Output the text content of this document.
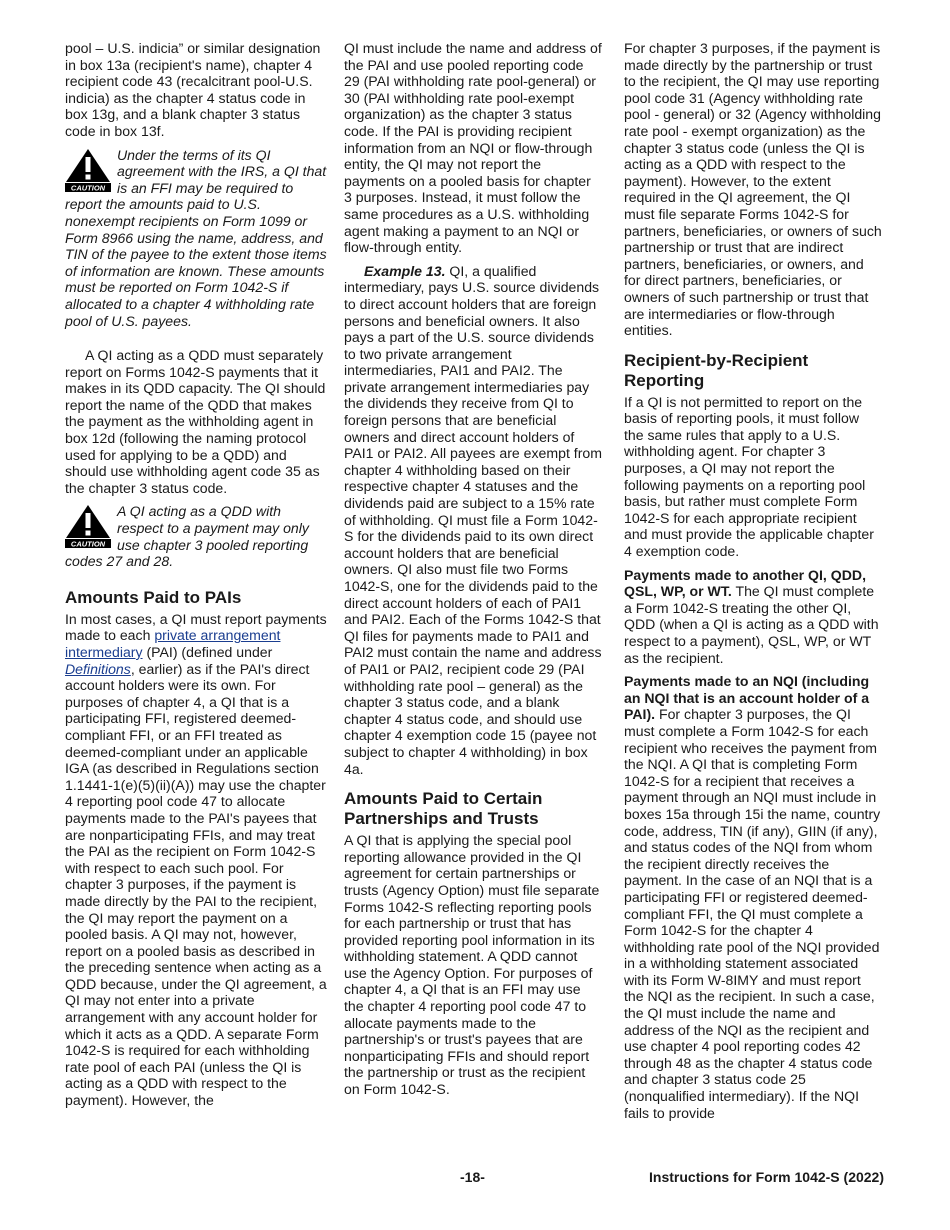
pool – U.S. indicia” or similar designation in box 13a (recipient's name), chapter 4 recipient code 43 (recalcitrant pool-U.S. indicia) as the chapter 4 status code in box 13g, and a blank chapter 3 status code in box 13f.

CAUTION
Under the terms of its QI agreement with the IRS, a QI that is an FFI may be required to report the amounts paid to U.S. nonexempt recipients on Form 1099 or Form 8966 using the name, address, and TIN of the payee to the extent those items of information are known. These amounts must be reported on Form 1042-S if allocated to a chapter 4 withholding rate pool of U.S. payees.

A QI acting as a QDD must separately report on Forms 1042-S payments that it makes in its QDD capacity. The QI should report the name of the QDD that makes the payment as the withholding agent in box 12d (following the naming protocol used for applying to be a QDD) and should use withholding agent code 35 as the chapter 3 status code.

CAUTION
A QI acting as a QDD with respect to a payment may only use chapter 3 pooled reporting codes 27 and 28.
Amounts Paid to PAIs

In most cases, a QI must report payments made to each private arrangement intermediary (PAI) (defined under Definitions, earlier) as if the PAI's direct account holders were its own. For purposes of chapter 4, a QI that is a participating FFI, registered deemed-compliant FFI, or an FFI treated as deemed-compliant under an applicable IGA (as described in Regulations section 1.1441-1(e)(5)(ii)(A)) may use the chapter 4 reporting pool code 47 to allocate payments made to the PAI's payees that are nonparticipating FFIs, and may treat the PAI as the recipient on Form 1042-S with respect to each such pool. For chapter 3 purposes, if the payment is made directly by the PAI to the recipient, the QI may report the payment on a pooled basis. A QI may not, however, report on a pooled basis as described in the preceding sentence when acting as a QDD because, under the QI agreement, a QI may not enter into a private arrangement with any account holder for which it acts as a QDD. A separate Form 1042-S is required for each withholding rate pool of each PAI (unless the QI is acting as a QDD with respect to the payment). However, the

QI must include the name and address of the PAI and use pooled reporting code 29 (PAI withholding rate pool-general) or 30 (PAI withholding rate pool-exempt organization) as the chapter 3 status code. If the PAI is providing recipient information from an NQI or flow-through entity, the QI may not report the payments on a pooled basis for chapter 3 purposes. Instead, it must follow the same procedures as a U.S. withholding agent making a payment to an NQI or flow-through entity.

Example 13. QI, a qualified intermediary, pays U.S. source dividends to direct account holders that are foreign persons and beneficial owners. It also pays a part of the U.S. source dividends to two private arrangement intermediaries, PAI1 and PAI2. The private arrangement intermediaries pay the dividends they receive from QI to foreign persons that are beneficial owners and direct account holders of PAI1 or PAI2. All payees are exempt from chapter 4 withholding based on their respective chapter 4 statuses and the dividends paid are subject to a 15% rate of withholding. QI must file a Form 1042-S for the dividends paid to its own direct account holders that are beneficial owners. QI also must file two Forms 1042-S, one for the dividends paid to the direct account holders of each of PAI1 and PAI2. Each of the Forms 1042-S that QI files for payments made to PAI1 and PAI2 must contain the name and address of PAI1 or PAI2, recipient code 29 (PAI withholding rate pool – general) as the chapter 3 status code, and a blank chapter 4 status code, and should use chapter 4 exemption code 15 (payee not subject to chapter 4 withholding) in box 4a.

Amounts Paid to Certain Partnerships and Trusts

A QI that is applying the special pool reporting allowance provided in the QI agreement for certain partnerships or trusts (Agency Option) must file separate Forms 1042-S reflecting reporting pools for each partnership or trust that has provided reporting pool information in its withholding statement. A QDD cannot use the Agency Option. For purposes of chapter 4, a QI that is an FFI may use the chapter 4 reporting pool code 47 to allocate payments made to the partnership's or trust's payees that are nonparticipating FFIs and should report the partnership or trust as the recipient on Form 1042-S.

For chapter 3 purposes, if the payment is made directly by the partnership or trust to the recipient, the QI may use reporting pool code 31 (Agency withholding rate pool - general) or 32 (Agency withholding rate pool - exempt organization) as the chapter 3 status code (unless the QI is acting as a QDD with respect to the payment). However, to the extent required in the QI agreement, the QI must file separate Forms 1042-S for partners, beneficiaries, or owners of such partnership or trust that are indirect partners, beneficiaries, or owners, and for direct partners, beneficiaries, or owners of such partnership or trust that are intermediaries or flow-through entities.

Recipient-by-Recipient Reporting

If a QI is not permitted to report on the basis of reporting pools, it must follow the same rules that apply to a U.S. withholding agent. For chapter 3 purposes, a QI may not report the following payments on a reporting pool basis, but rather must complete Form 1042-S for each appropriate recipient and must provide the applicable chapter 4 exemption code.

Payments made to another QI, QDD, QSL, WP, or WT. The QI must complete a Form 1042-S treating the other QI, QDD (when a QI is acting as a QDD with respect to a payment), QSL, WP, or WT as the recipient.

Payments made to an NQI (including an NQI that is an account holder of a PAI). For chapter 3 purposes, the QI must complete a Form 1042-S for each recipient who receives the payment from the NQI. A QI that is completing Form 1042-S for a recipient that receives a payment through an NQI must include in boxes 15a through 15i the name, country code, address, TIN (if any), GIIN (if any), and status codes of the NQI from whom the recipient directly receives the payment. In the case of an NQI that is a participating FFI or registered deemed-compliant FFI, the QI must complete a Form 1042-S for the chapter 4 withholding rate pool of the NQI provided in a withholding statement associated with its Form W-8IMY and must report the NQI as the recipient. In such a case, the QI must include the name and address of the NQI as the recipient and use chapter 4 pool reporting codes 42 through 48 as the chapter 4 status code and chapter 3 status code 25 (nonqualified intermediary). If the NQI fails to provide

-18-	Instructions for Form 1042-S (2022)
